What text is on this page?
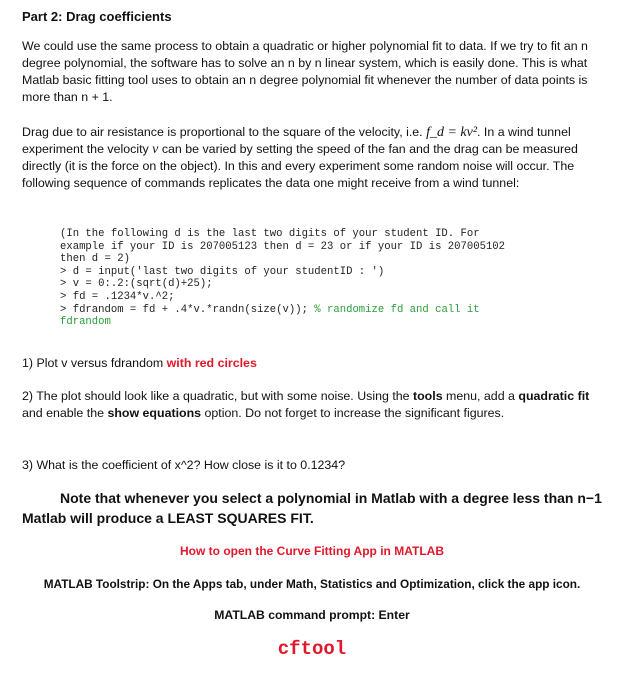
Part 2: Drag coefficients
We could use the same process to obtain a quadratic or higher polynomial fit to data. If we try to fit an n degree polynomial, the software has to solve an n by n linear system, which is easily done. This is what Matlab basic fitting tool uses to obtain an n degree polynomial fit whenever the number of data points is more than n + 1.
Drag due to air resistance is proportional to the square of the velocity, i.e. f_d = kv². In a wind tunnel experiment the velocity v can be varied by setting the speed of the fan and the drag can be measured directly (it is the force on the object). In this and every experiment some random noise will occur. The following sequence of commands replicates the data one might receive from a wind tunnel:
(In the following d is the last two digits of your student ID. For
example if your ID is 207005123 then d = 23 or if your ID is 207005102
then d = 2)
> d = input('last two digits of your studentID : ')
> v = 0:.2:(sqrt(d)+25);
> fd = .1234*v.^2;
> fdrandom = fd + .4*v.*randn(size(v)); % randomize fd and call it
fdrandom
1) Plot v versus fdrandom with red circles
2) The plot should look like a quadratic, but with some noise. Using the tools menu, add a quadratic fit and enable the show equations option. Do not forget to increase the significant figures.
3) What is the coefficient of x^2? How close is it to 0.1234?
Note that whenever you select a polynomial in Matlab with a degree less than n−1 Matlab will produce a LEAST SQUARES FIT.
How to open the Curve Fitting App in MATLAB
MATLAB Toolstrip: On the Apps tab, under Math, Statistics and Optimization, click the app icon.
MATLAB command prompt: Enter
cftool
